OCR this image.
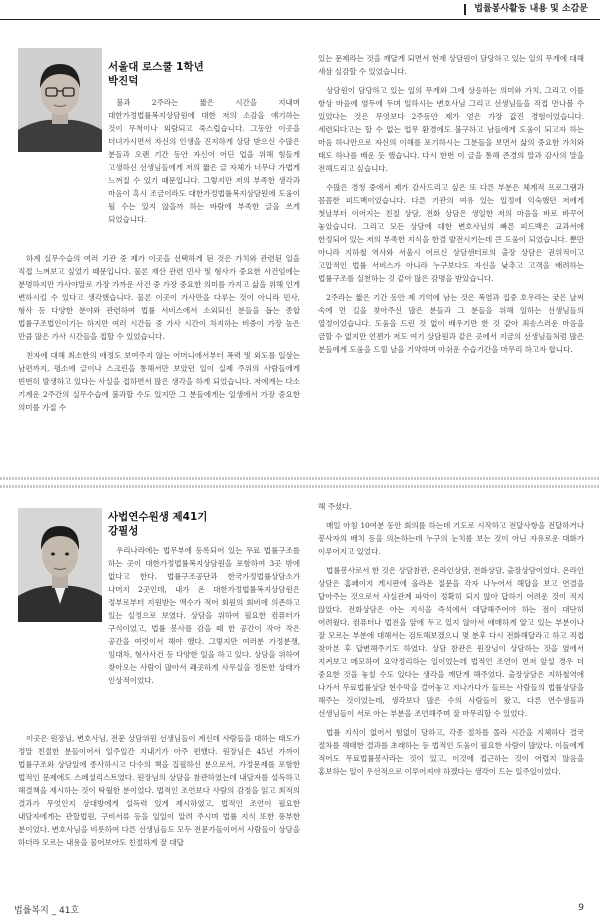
법률봉사활동 내용 및 소감문
서울대 로스쿨 1학년
박진덕

불과 2주라는 짧은 시간을 지내며 대한가정법률복지상담원에 대한 저의 소감을 얘기하는 것이 무척이나 외람되고 죽스럽습니다. 그동안 이곳을 더녀가시면서 자신의 인생을 진지하게 상담 받으신 수많은 분들과 오랜 기간 동안 자신이 어딘 업을 위해 힘들게 고생하신 선생님들에게 저의 짧은 글 자체가 너무나 가볍게 느껴질 수 있기 때문입니다. 그렇지만 저의 부족한 생각과 마음이 혹시 조금이라도 대한가정법률복지상담원에 도움이 될 수는 있지 않을까 하는 바람에 부족한 글을 쓰게 되었습니다.

하계 실무수습의 여러 기관 중 제가 이곳을 선택하게 된 것은 가치와 관련된 일을 직접 느껴보고 싶었기 때문입니다. 물론 재산 관련 민사 및 형사가 중요한 사건임에는 분명하지만 가사야말로 가장 가까운 사건 중 가장 중요한 의미를 가지고 삶을 위해 인게 변하시킬 수 있다고 생각했습니다. 물론 이곳이 가사만을 다루는 것이 아니라 민사, 형사 등 다양한 분야와 관련하여 법률 서비스에서 소외되신 분들을 돕는 종합 법률구조법인이기는 하지만 여러 시간들 중 가사 시간이 차지하는 비중이 가장 높은 만큼 많은 가사 시간들을 접할 수 있었습니다.

친자에 대해 최소한의 애정도 보여주지 않는 어머니에서부터 폭력 및 외도를 일삼는 남편까지, 평소에 글이나 스크린을 통해서만 보았던 일이 실제 주위의 사람들에게 빈번히 발생하고 있다는 사실을 접하면서 많은 생각을 하게 되었습니다. 저에게는 다소 기계운 2주간의 실무수습에 불과할 수도 있지만 그 분들에게는 일생에서 가장 중요한 의미를 가질 수

있는 문제라는 것을 깨달게 되면서 현재 상담원이 담당하고 있는 일의 무게에 대해 새삼 실감할 수 있었습니다.

상담원이 담당하고 있는 일의 무게와 그에 상응하는 의미와 가치, 그리고 이를 항상 마음에 염두에 두며 일하시는 변호사님 그리고 선생님들을 직접 만나볼 수 있었다는 것은 무엇보다 2주동안 제가 얻은 가장 값진 경험이었습니다. 세련되다고는 할 수 없는 업무 환경에도 불구하고 남들에게 도움이 되고자 하는 마음 하나만으로 자신의 이해를 포기하시는 그분들을 보면서 삶의 중요한 가치와 태도 하나를 배운 듯 했습니다. 다시 한번 이 글을 통해 존경의 말과 감사의 말을 전해드리고 싶습니다.

수많은 경청 중에서 제가 감사드리고 싶은 또 다른 부분은 체계적 프로그램과 꼼꼼한 피드백이었습니다. 다른 기관의 여유 있는 일정에 익숙했던 저에게 첫날부터 이어지는 친절 상담, 전화 상담은 생일한 저의 마음을 바로 바꾸어 놓았습니다. 그리고 모든 상담에 대한 변호사님의 빠른 피드백은 교과서에 한정되어 있는 저의 부족한 지식을 한결 발전시키는데 큰 도움이 되었습니다. 뿐만 아니라 지하철 역사와 서울시 어르신 상담센터로의 출장 상담은 권위적이고 고압적인 법률 서비스가 아니라 누구보다도 자신을 낮추고 고객을 배려하는 법률구조를 실천하는 것 같아 많은 감명을 받았습니다.

2주라는 짧은 기간 동안 제 기억에 남는 것은 폭염과 집중 호우라는 궂은 날씨 속에 먼 길을 찾아주신 많은 분들과 그 분들을 위해 일하는 선생님들의 열정이었습니다. 도움을 드린 것 없이 배우기만 한 것 같아 죄송스러운 마음을 금할 수 없지만 언젠가 저도 여기 상담원과 같은 곳에서 지금의 선생님들처럼 많은 분들에게 도움을 드릴 날을 기약하며 아쉬운 수습기간을 마무리 하고자 합니다.

사법연수원생 제41기
강필성

우리나라에는 법무부에 등록되어 있는 무료 법률구조를 하는 곳이 대한가정법률복지상담원을 포함하여 3곳 밖에 없다고 한다. 법률구조공단과 한국가정법률상담소가 나머지 2곳인데, 내가 온 대한가정법률복지상담원은 정부로부터 지원받는 액수가 적어 회원의 회비에 의존하고 있는 실정으로 보였다. 상담을 위하여 필요한 컴퓨터가 구식이었고, 법률 봉사를 감을 때 한 공간이 작아 작은 공간을 여럿이서 해야 했다. 그렇지만 여러분 가정분쟁, 임대차, 형사사건 등 다양한 일을 하고 있다. 상담을 위하여 찾아오는 사람이 많아서 쾌곳하게 사무실을 정돈한 상태가 인상적이었다.

이곳은 원장님, 변호사님, 전문 상담위원 선생님들이 계신데 사람들을 대하는 태도가 정말 친절한 분들이어서 일주일간 지내기가 아주 편했다. 원장님은 45년 가까이 법률구조와 상담일에 종사하시고 다수의 책을 집필하신 분으로서, 가정문제를 포함한 법적인 문제에도 스페셜리스트였다. 원장님의 상담을 참관하였는데 내담자를 설득하고 해결책을 제시하는 것이 탁월한 분이었다. 법적인 조언보다 사람의 감정을 읽고 최적의 결과가 무엇인지 상대방에게 설득력 있게 제시하였고, 법적인 조언이 필요한 내담자에게는 관할법원, 구비서류 등을 일일이 알려 주시며 법률 지식 또한 풍부한 분이었다. 변호사님을 비롯하여 다른 선생님들도 모두 전문가들이어서 사람들이 상담을 하더라 모르는 내용을 물어보아도 친절하게 잘 대답

해 주셨다.

매일 아침 10여분 동안 회의를 하는데 기도로 시작하고 전달사항을 전달하거나 봉사자의 배치 등을 의논하는데 누구의 눈치를 보는 것이 아닌 자유로운 대화가 이루어지고 있었다.

법률봉사로서 한 것은 상담참관, 온라인상담, 전화상담, 출장상담이었다. 온라인 상담은 홈페이지 게시판에 올라온 질문을 각자 나누어서 해답을 보고 연결을 달아주는 것으로서 사실관계 파악이 정확히 되지 않아 답하기 어려운 것이 적지 않았다. 전화상담은 아는 지식을 즉석에서 대답해주어야 하는 점이 대단히 어려웠다. 컴퓨터나 법전을 앞에 두고 있지 않아서 애매하게 알고 있는 부분이나 잘 모르는 부분에 대해서는 검토해보겠으니 몇 분후 다시 전화해달라고 하고 직접 찾아본 후 답변해주기도 하였다. 상담 참관은 원장님이 상담하는 것을 옆에서 지켜보고 메모하여 요약정리하는 일이었는데 법적인 조언이 면저 앞설 경우 더 중요한 것을 놓칠 수도 있다는 생각을 깨닫게 해주었다. 출장상담은 지하철역에 나가서 무료법률상담 현수막을 걸어놓고 지나가다가 들르는 사람들의 법률상담을 해주는 것이었는데, 생각보다 많은 수의 사람들이 왔고, 다른 연수생들과 선생님들이 서로 아는 부분을 조언해주며 잘 마무리할 수 있었다.

법률 지식이 없어서 힘없이 당하고, 각종 절차를 몰라 시간을 지체하다 결국 절차를 해태한 결과를 초래하는 등 법적인 도움이 필요한 사람이 많았다. 이들에게 적어도 무료법률봉사라는 것이 있고, 이것에 접근하는 것이 어렵지 않음을 홍보하는 일이 우선적으로 이루어져야 하겠다는 생각이 드는 일주일이었다.

법률복지 _ 41호	9
